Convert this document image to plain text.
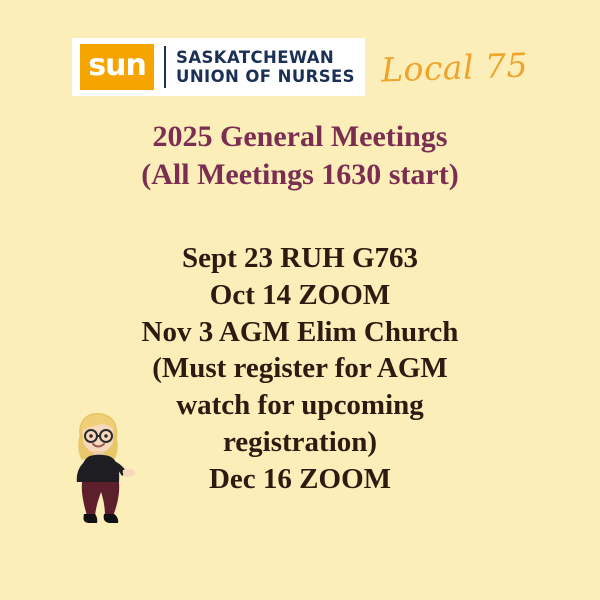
sun SASKATCHEWAN
UNION OF NURSES Local 75
2025 General Meetings
(All Meetings 1630 start)
Sept 23 RUH G763
Oct 14 ZOOM
Nov 3 AGM Elim Church
(Must register for AGM
watch for upcoming
registration)
Dec 16 ZOOM
